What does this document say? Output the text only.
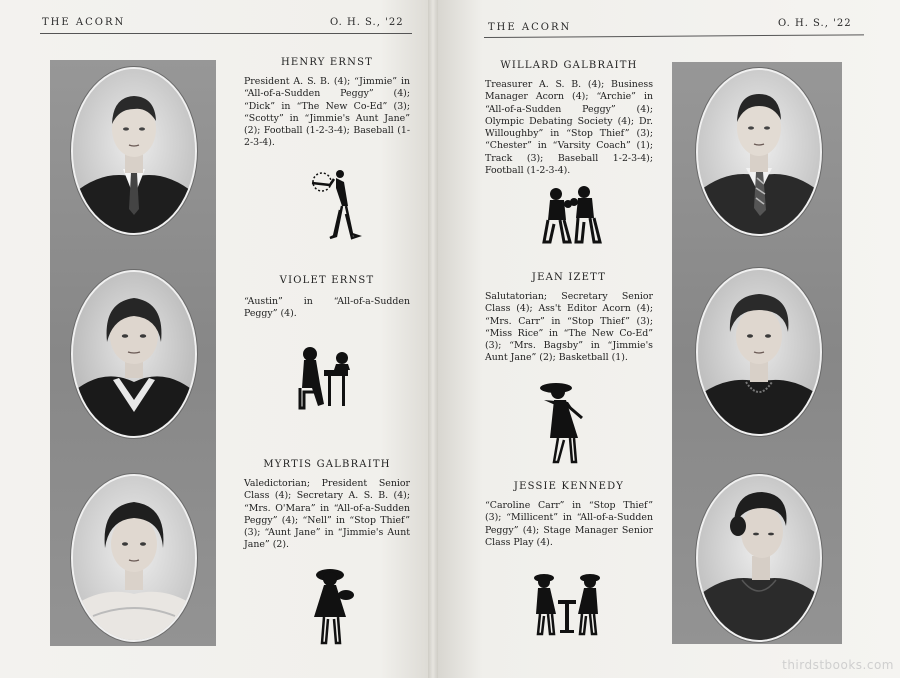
THE ACORN	O. H. S., '22
HENRY ERNST
President A. S. B. (4); “Jimmie” in “All-of-a-Sudden Peggy” (4); “Dick” in “The New Co-Ed” (3); “Scotty” in “Jimmie's Aunt Jane” (2); Football (1-2-3-4); Baseball (1-2-3-4).
VIOLET ERNST
“Austin” in “All-of-a-Sudden Peggy” (4).
MYRTIS GALBRAITH
Valedictorian; President Senior Class (4); Secretary A. S. B. (4); “Mrs. O'Mara” in “All-of-a-Sudden Peggy” (4); “Nell” in “Stop Thief” (3); “Aunt Jane” in “Jimmie's Aunt Jane” (2).
THE ACORN	O. H. S., '22
WILLARD GALBRAITH
Treasurer A. S. B. (4); Business Manager Acorn (4); “Archie” in “All-of-a-Sudden Peggy” (4); Olympic Debating Society (4); Dr. Willoughby” in “Stop Thief” (3); “Chester” in “Varsity Coach” (1); Track (3); Baseball 1-2-3-4); Football (1-2-3-4).
JEAN IZETT
Salutatorian; Secretary Senior Class (4); Ass't Editor Acorn (4); “Mrs. Carr” in “Stop Thief” (3); “Miss Rice” in “The New Co-Ed” (3); “Mrs. Bagsby” in “Jimmie's Aunt Jane” (2); Basketball (1).
JESSIE KENNEDY
“Caroline Carr” in “Stop Thief” (3); “Millicent” in “All-of-a-Sudden Peggy” (4); Stage Manager Senior Class Play (4).
thirdstbooks.com
